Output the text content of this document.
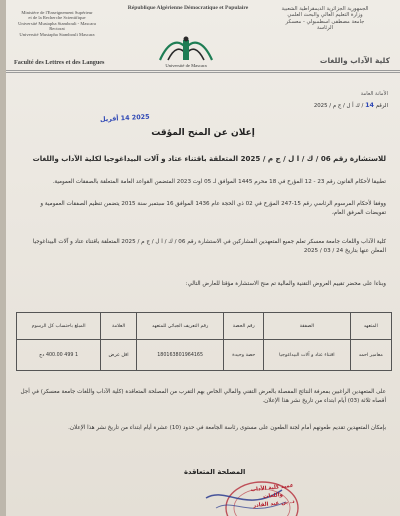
الجمهورية الجزائرية الديمقراطية الشعبية
وزارة التعليم العالي والبحث العلمي
جامعة مصطفى اسطمبولي - معسكر
الرئاسة
République Algérienne Démocratique et Populaire
Ministère de l'Enseignement Supérieur
et de la Recherche Scientifique
Université Mustapha Stambouli - Mascara
Rectorat
Université Mustapha Stambouli Mascara
Université de Mascara
Faculté des Lettres et des Langues	كلية الآداب واللغات
الأمانة العامة
الرقم 14 / ك أ ل / ج م / 2025
2025 14 أفريل
إعلان عن المنح المؤقت
للاستشارة رقم 06 / ك / ا ل / ج م / 2025 المتعلقة باقتناء عتاد و آلات البيداغوجيا لكلية الآداب واللغات
تطبيقا لأحكام القانون رقم 23 - 12 المؤرخ في 18 محرم 1445 الموافق لـ 05 اوت 2023 المتضمن القواعد العامة المتعلقة بالصفقات العمومية.
ووفقا لأحكام المرسوم الرئاسي رقم 15-247 المؤرخ في 02 ذي الحجة عام 1436 الموافق 16 سبتمبر سنة 2015 يتضمن تنظيم الصفقات العمومية و تفويضات المرفق العام،
كلية الآداب واللغات جامعة معسكر تعلم جميع المتعهدين المشاركين في الاستشارة رقم 06 / ك / ا ل / ج م / 2025 المتعلقة باقتناء عتاد و آلات البيداغوجيا المعلن عنها بتاريخ 24 / 03 / 2025
وبناءا على محضر تقييم العروض التقنية والمالية تم منح الاستشارة مؤقتا للعارض التالي:
المتعهد	الصفقة	رقم الحصة	رقم التعريف الجبائي للمتعهد	العلامة	المبلغ باحتساب كل الرسوم
معامير احمد	اقتناء عتاد و آلات البيداغوجيا	حصة وحيدة	180163801964165	اقل عرض	1 499 400.00 دج
على المتعهدين الراغبين بمعرفة النتائج المفصلة بالعرض التقني والمالي الخاص بهم التقرب من المصلحة المتعاقدة (كلية الآداب واللغات جامعة معسكر) في أجل أقصاه ثلاثة (03) أيام ابتداء من تاريخ نشر هذا الإعلان.
بإمكان المتعهدين تقديم طعونهم أمام لجنة الطعون على مستوى رئاسة الجامعة في حدود (10) عشرة أيام ابتداء من تاريخ نشر هذا الإعلان.
المصلحة المتعاقدة
عميد كلية الآداب
واللغات
د. بن عبد القادر
